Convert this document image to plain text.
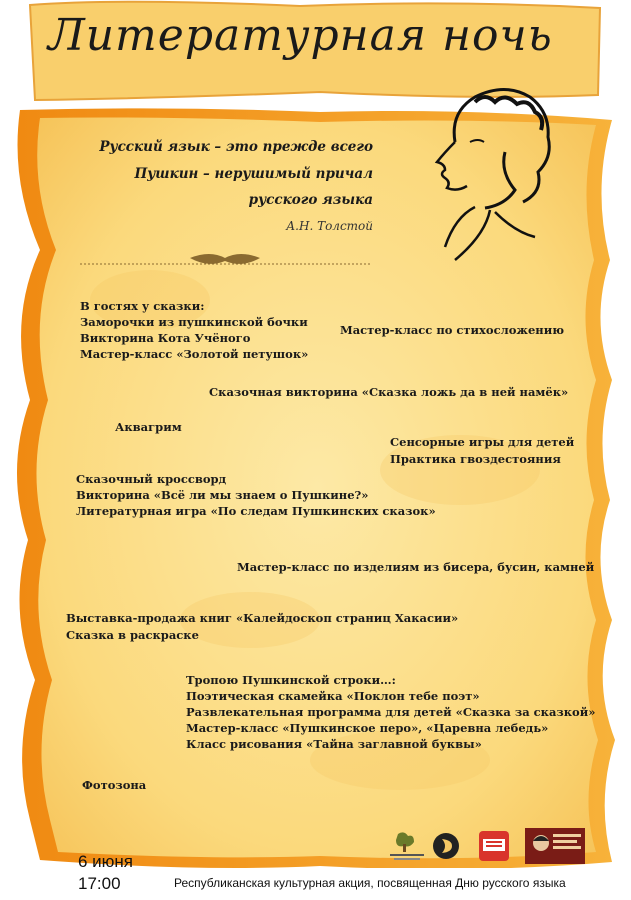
Литературная ночь
Русский язык – это прежде всего
Пушкин – нерушимый причал
русского языка
А.Н. Толстой
В гостях у сказки:
Заморочки из пушкинской бочки
Викторина Кота Учёного
Мастер-класс «Золотой петушок»
Мастер-класс по стихосложению
Сказочная викторина «Сказка ложь да в ней намёк»
Аквагрим
Сенсорные игры для детей
Практика гвоздестояния
Сказочный кроссворд
Викторина «Всё ли мы знаем о Пушкине?»
Литературная игра «По следам Пушкинских сказок»
Мастер-класс по изделиям из бисера, бусин, камней
Выставка-продажа книг «Калейдоскоп страниц Хакасии»
Сказка в раскраске
Тропою Пушкинской строки…:
Поэтическая скамейка «Поклон тебе поэт»
Развлекательная программа для детей «Сказка за сказкой»
Мастер-класс «Пушкинское перо», «Царевна лебедь»
Класс рисования «Тайна заглавной буквы»
Фотозона
6 июня
17:00	Республиканская культурная акция, посвященная Дню русского языка
